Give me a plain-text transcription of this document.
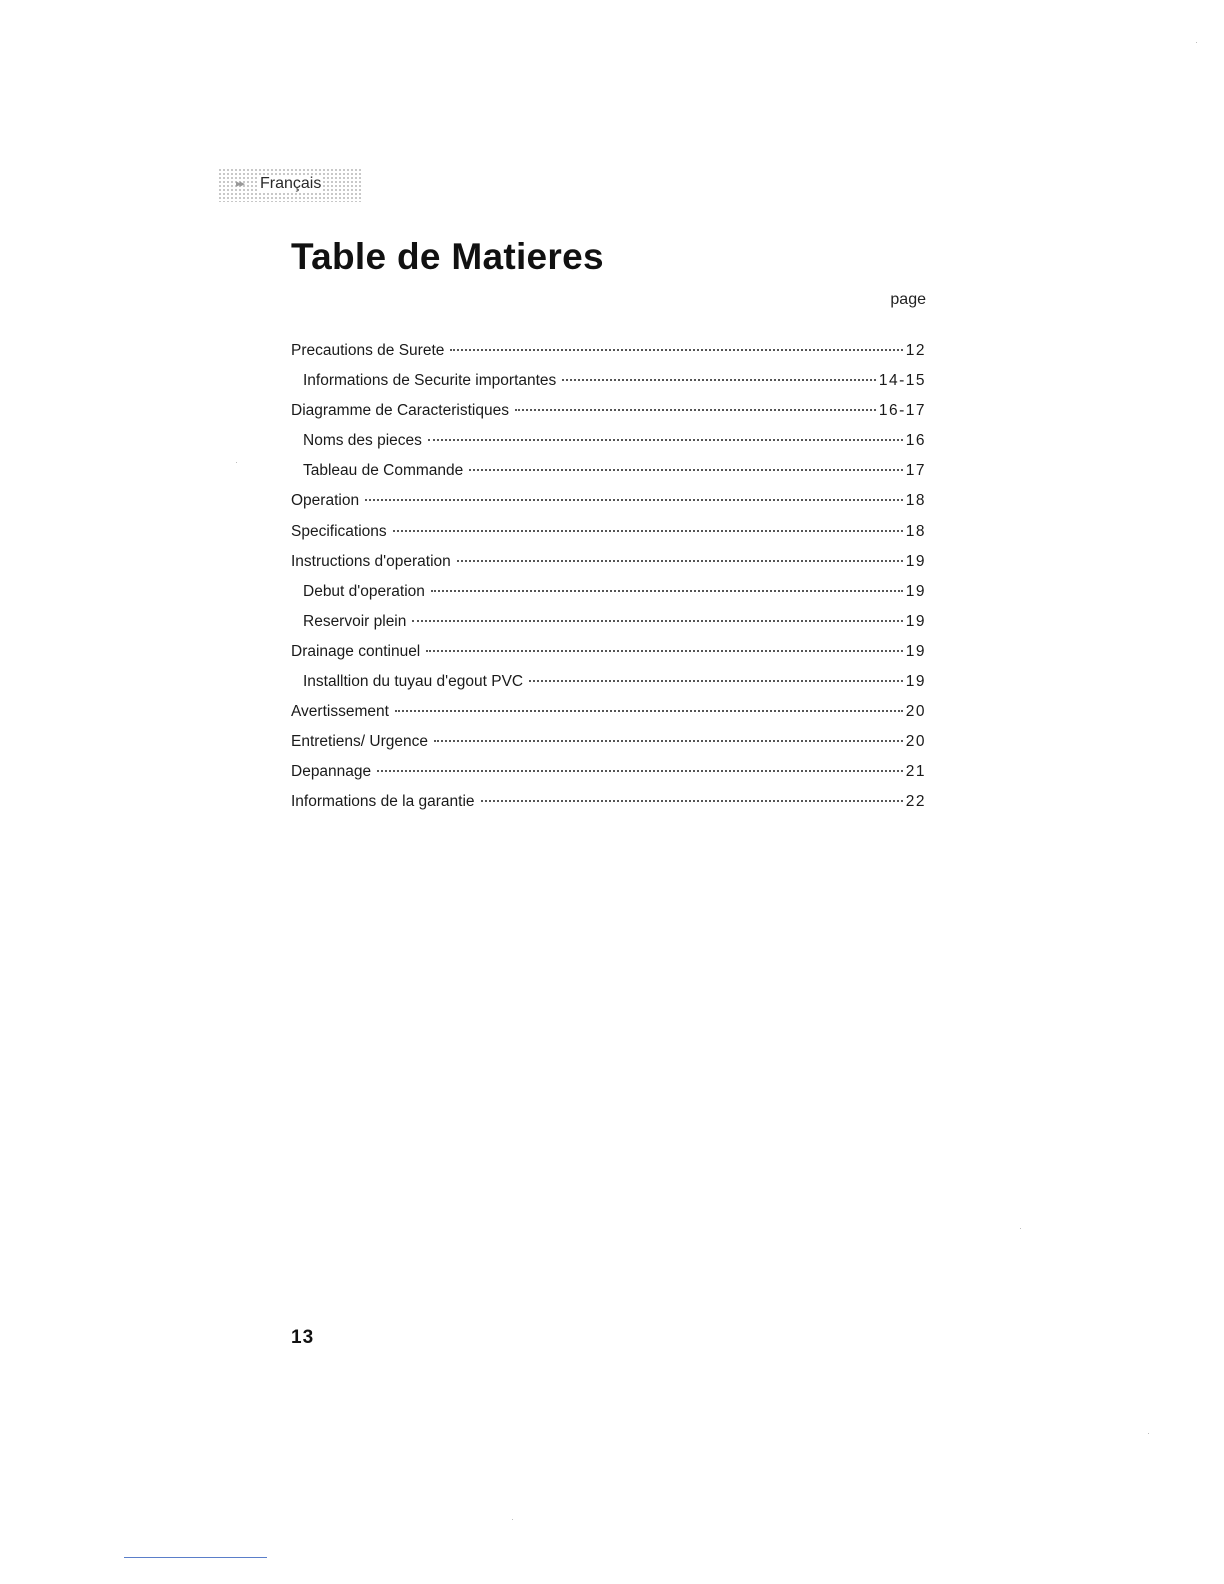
▸▸ Français
Table de Matieres
page
Precautions de Surete	12
Informations de Securite importantes	14-15
Diagramme de Caracteristiques	16-17
Noms des pieces	16
Tableau de Commande	17
Operation	18
Specifications	18
Instructions d'operation	19
Debut d'operation	19
Reservoir plein	19
Drainage continuel	19
Installtion du tuyau d'egout PVC	19
Avertissement	20
Entretiens/ Urgence	20
Depannage	21
Informations de la garantie	22
13
